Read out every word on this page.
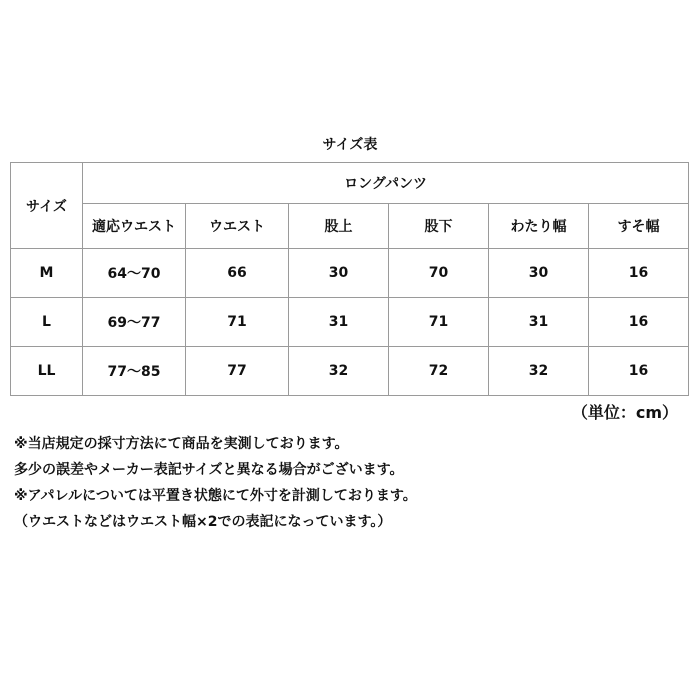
サイズ表
サイズ	ロングパンツ					
	適応ウエスト	ウエスト	股上	股下	わたり幅	すそ幅
M	64～70	66	30	70	30	16
L	69～77	71	31	71	31	16
LL	77～85	77	32	72	32	16
（単位：cm）

※当店規定の採寸方法にて商品を実測しております。

多少の誤差やメーカー表記サイズと異なる場合がございます。

※アパレルについては平置き状態にて外寸を計測しております。

（ウエストなどはウエスト幅×2での表記になっています。）
